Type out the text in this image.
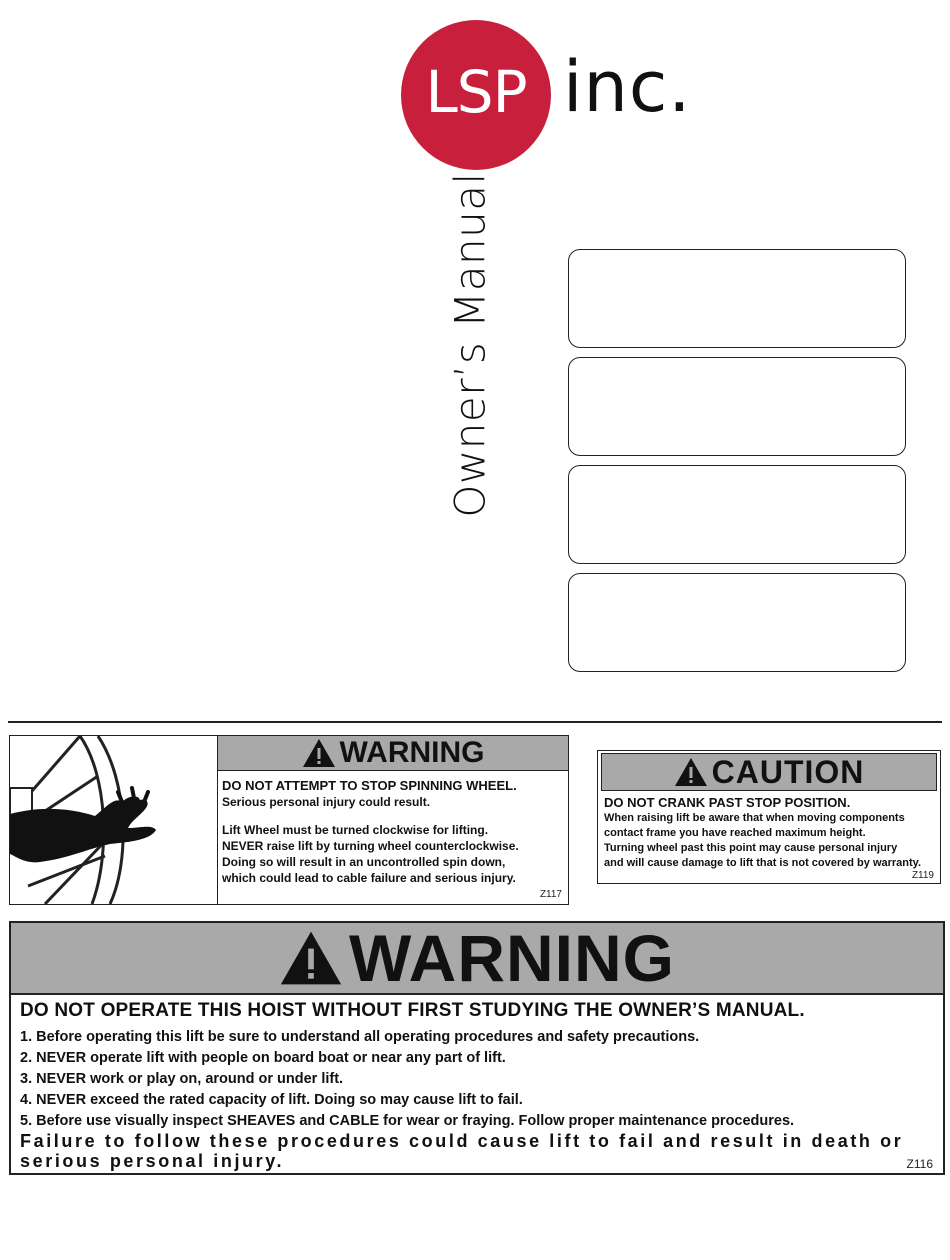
LSP inc.
Owner’s Manual
WARNING
DO NOT ATTEMPT TO STOP SPINNING WHEEL.
Serious personal injury could result.
Lift Wheel must be turned clockwise for lifting.
NEVER raise lift by turning wheel counterclockwise.
Doing so will result in an uncontrolled spin down,
which could lead to cable failure and serious injury.
Z117
CAUTION
DO NOT CRANK PAST STOP POSITION.
When raising lift be aware that when moving components
contact frame you have reached maximum height.
Turning wheel past this point may cause personal injury
and will cause damage to lift that is not covered by warranty.
Z119
WARNING
DO NOT OPERATE THIS HOIST WITHOUT FIRST STUDYING THE OWNER’S MANUAL.
1. Before operating this lift be sure to understand all operating procedures and safety precautions.
2. NEVER operate lift with people on board boat or near any part of lift.
3. NEVER work or play on, around or under lift.
4. NEVER exceed the rated capacity of lift. Doing so may cause lift to fail.
5. Before use visually inspect SHEAVES and CABLE for wear or fraying. Follow proper maintenance procedures.
Failure to follow these procedures could cause lift to fail and result in death or serious personal injury.	Z116
